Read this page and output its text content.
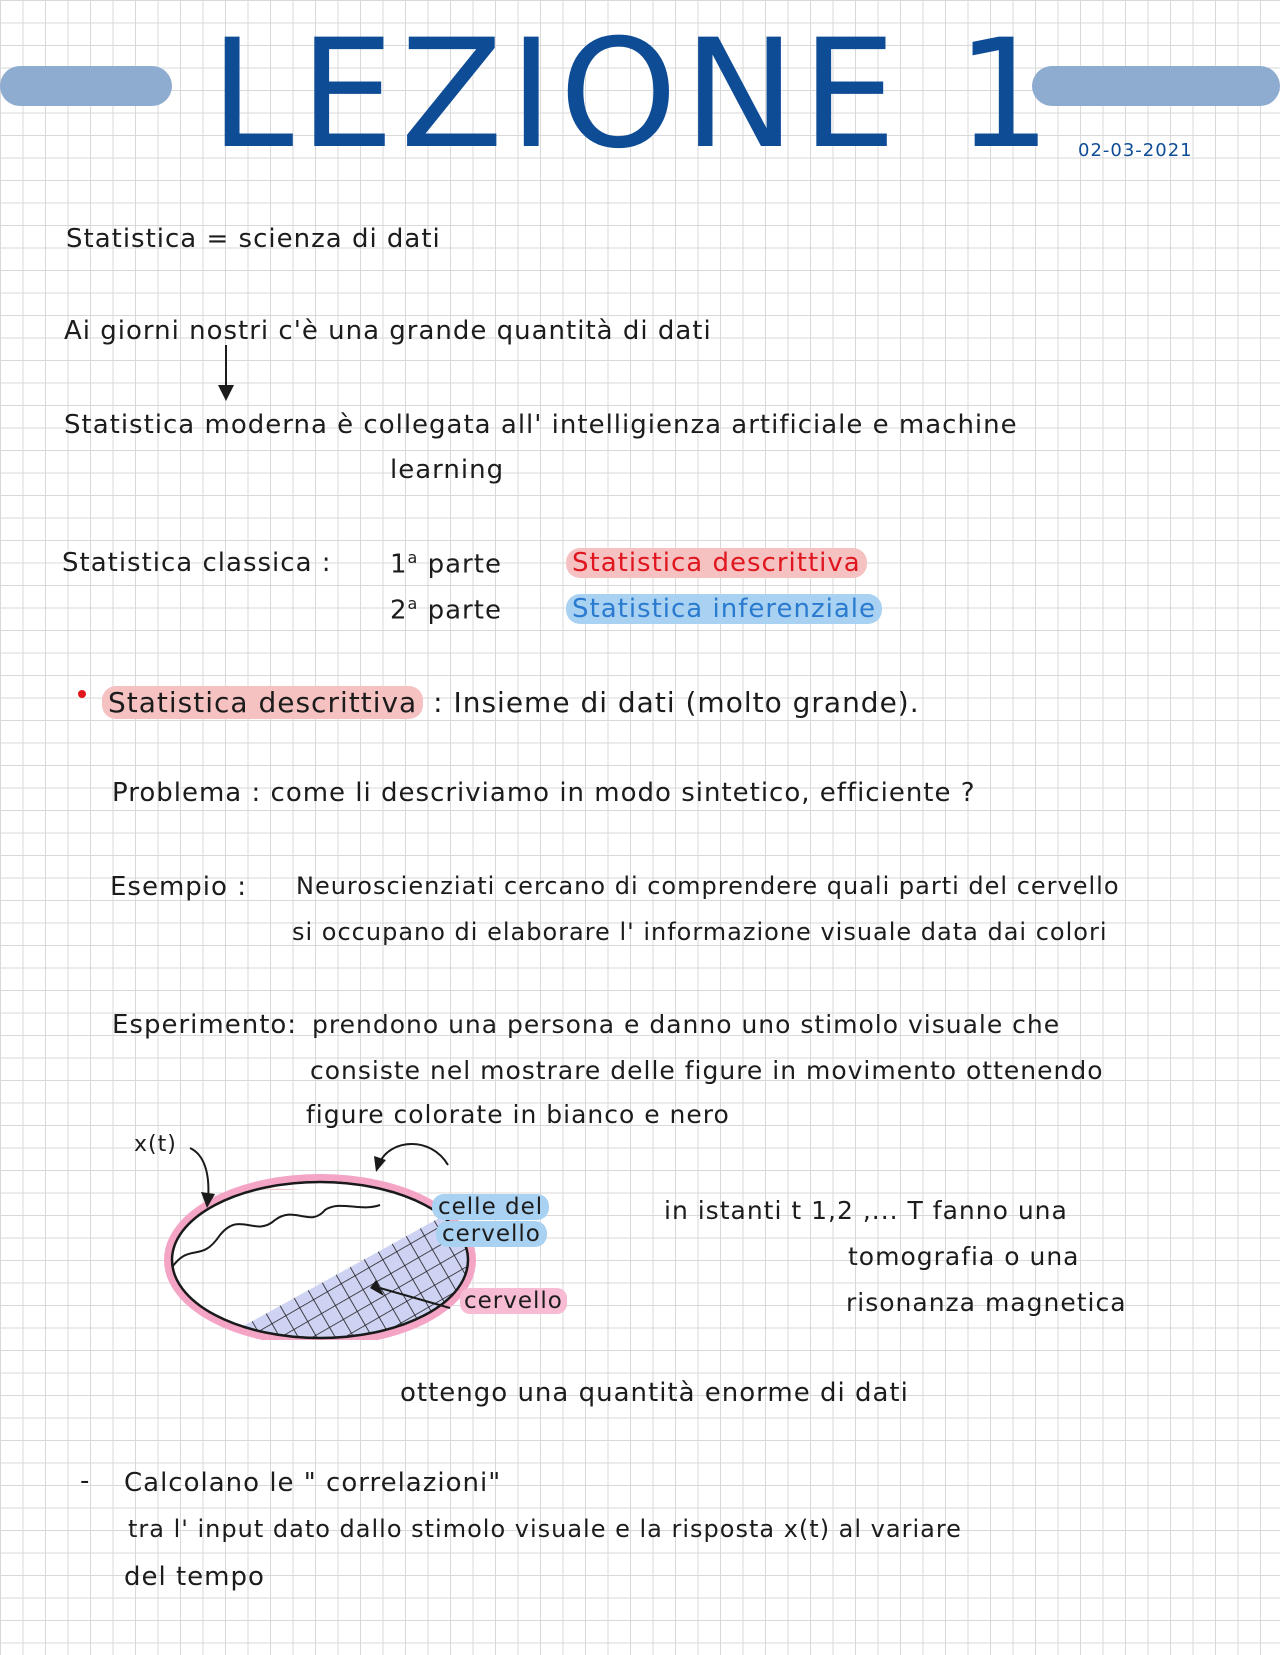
LEZIONE 1 02-03-2021
Statistica = scienza di dati
Ai giorni nostri c'è una grande quantità di dati
Statistica moderna è collegata all' intelligienza artificiale e machine
learning
Statistica classica : 1$^a$ parte	Statistica descrittiva
2$^a$ parte	Statistica inferenziale
Statistica descrittiva : Insieme di dati (molto grande).
Problema : come li descriviamo in modo sintetico, efficiente ?
Esempio : Neuroscienziati cercano di comprendere quali parti del cervello
si occupano di elaborare l' informazione visuale data dai colori
Esperimento: prendono una persona e danno uno stimolo visuale che
consiste nel mostrare delle figure in movimento ottenendo
figure colorate in bianco e nero
x(t)
celle del
cervello
cervello
in istanti t 1,2 ,... T fanno una
tomografia o una
risonanza magnetica
ottengo una quantità enorme di dati
- Calcolano le " correlazioni"
tra l' input dato dallo stimolo visuale e la risposta x(t) al variare
del tempo
